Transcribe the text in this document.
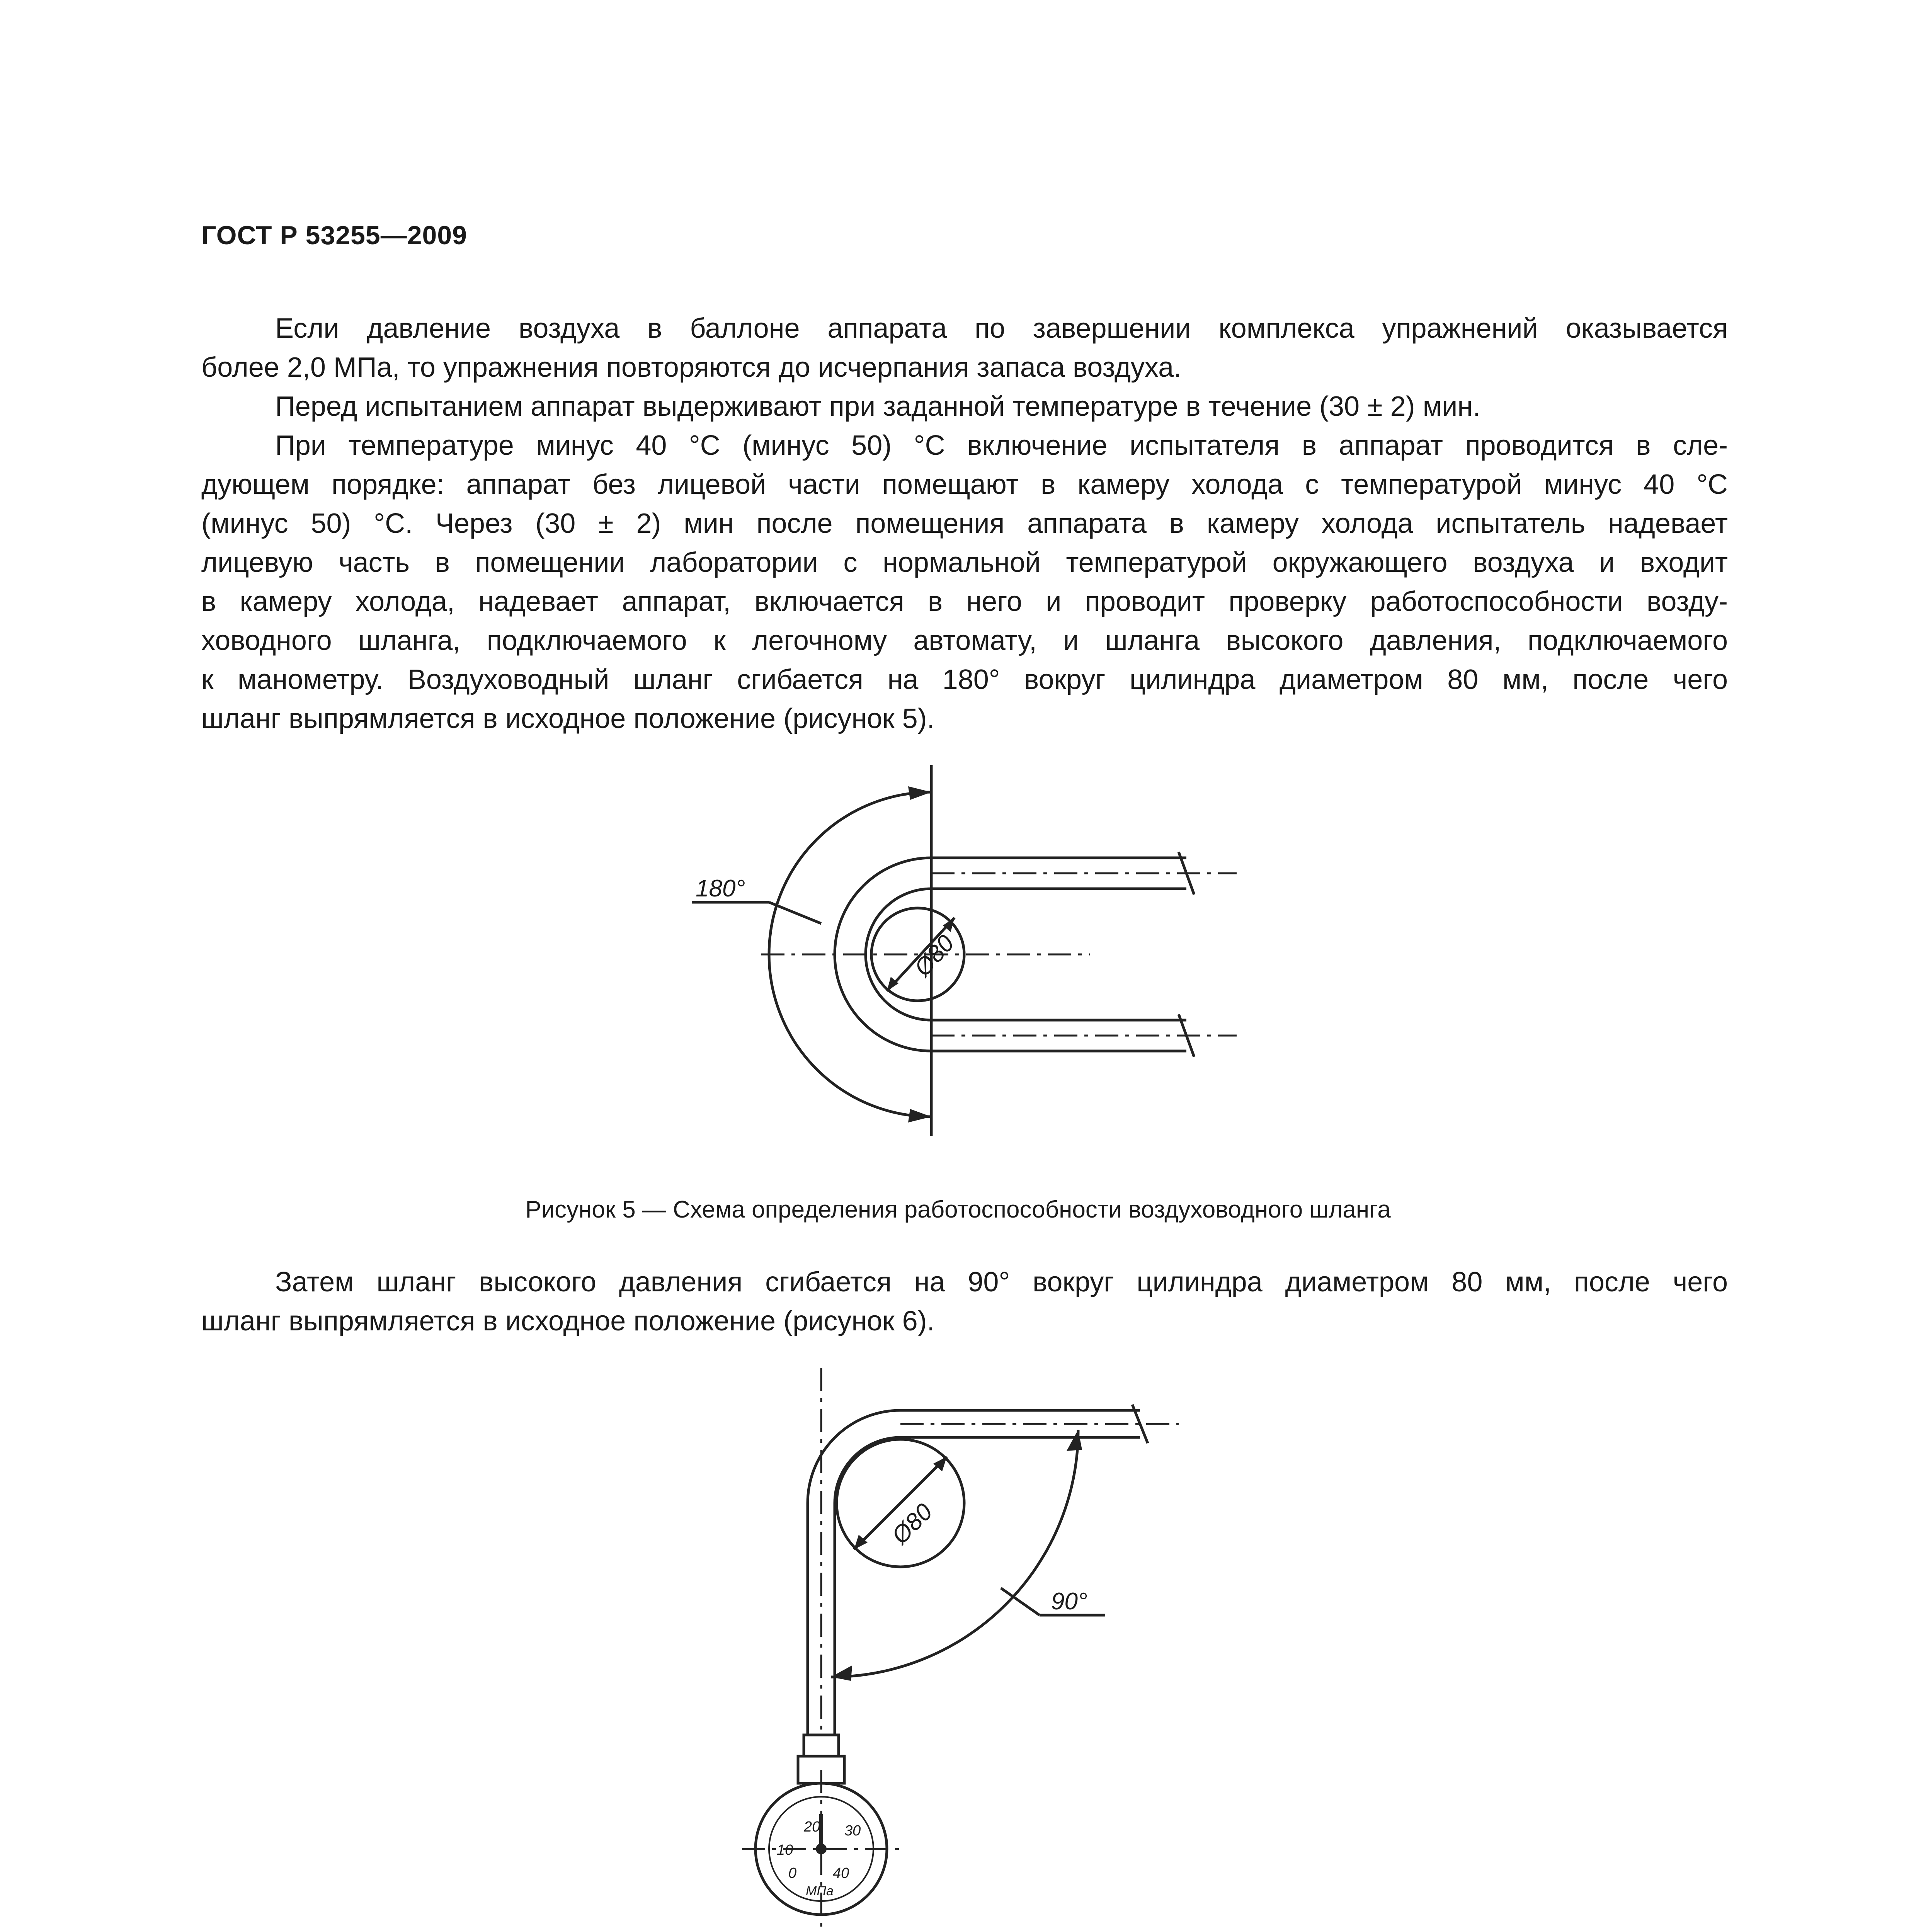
ГОСТ Р 53255—2009
Если давление воздуха в баллоне аппарата по завершении комплекса упражнений оказывается
более 2,0 МПа, то упражнения повторяются до исчерпания запаса воздуха.
Перед испытанием аппарат выдерживают при заданной температуре в течение (30 ± 2) мин.
При температуре минус 40 °С (минус 50) °С включение испытателя в аппарат проводится в сле-
дующем порядке: аппарат без лицевой части помещают в камеру холода с температурой минус 40 °С
(минус 50) °С. Через (30 ± 2) мин после помещения аппарата в камеру холода испытатель надевает
лицевую часть в помещении лаборатории с нормальной температурой окружающего воздуха и входит
в камеру холода, надевает аппарат, включается в него и проводит проверку работоспособности возду-
ховодного шланга, подключаемого к легочному автомату, и шланга высокого давления, подключаемого
к манометру. Воздуховодный шланг сгибается на 180° вокруг цилиндра диаметром 80 мм, после чего
шланг выпрямляется в исходное положение (рисунок 5).
180°
Ø80
Рисунок 5 — Схема определения работоспособности воздуховодного шланга
Затем шланг высокого давления сгибается на 90° вокруг цилиндра диаметром 80 мм, после чего
шланг выпрямляется в исходное положение (рисунок 6).
Ø80
90°
20 30
10
0 40
МПа
